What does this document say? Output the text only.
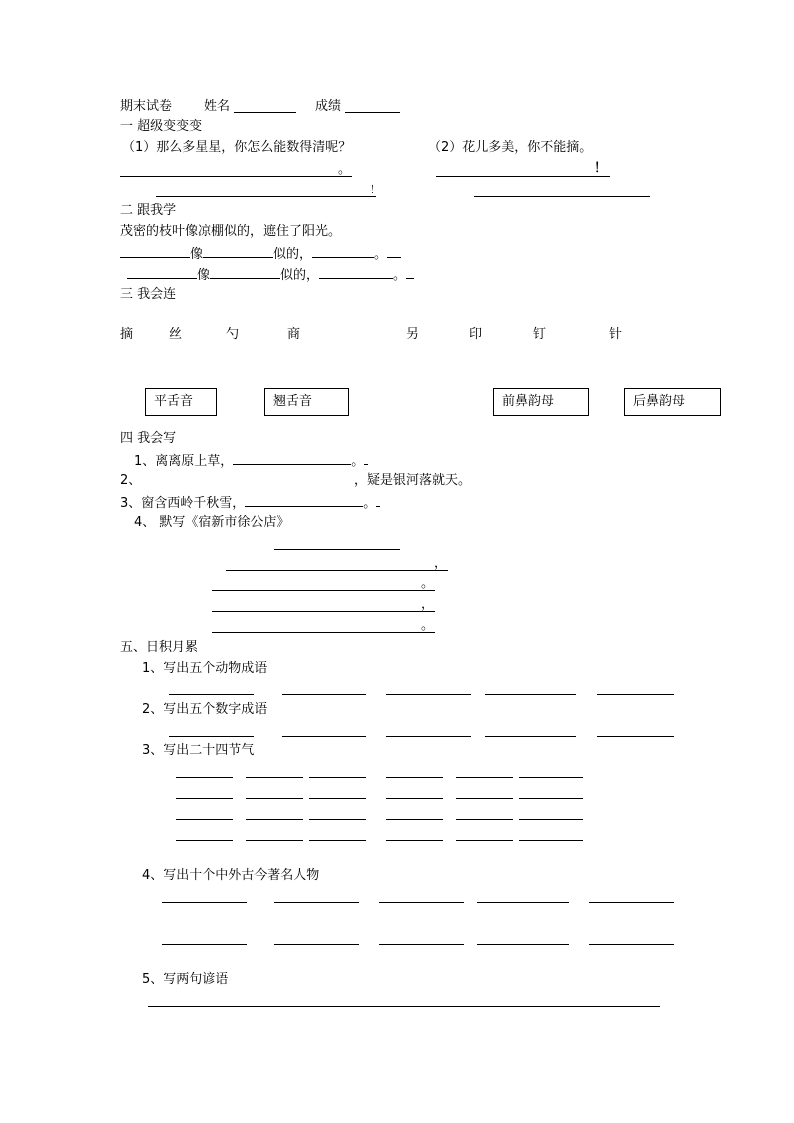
期末试卷 姓名	成绩
一 超级变变变
（1）那么多星星，你怎么能数得清呢？	（2）花儿多美，你不能摘。
。	！
！
二 跟我学
茂密的枝叶像凉棚似的，遮住了阳光。
像	似的，	。
像	似的，	。
三 我会连
摘	丝	勺	商	另	印	钉	针
平舌音	翘舌音	前鼻韵母	后鼻韵母
四 我会写
1、离离原上草，	。
2、	，疑是银河落就天。
3、窗含西岭千秋雪，	。
4、 默写《宿新市徐公店》
，
。
，
。
五、日积月累
1、写出五个动物成语
2、写出五个数字成语
3、写出二十四节气
4、写出十个中外古今著名人物
5、写两句谚语
